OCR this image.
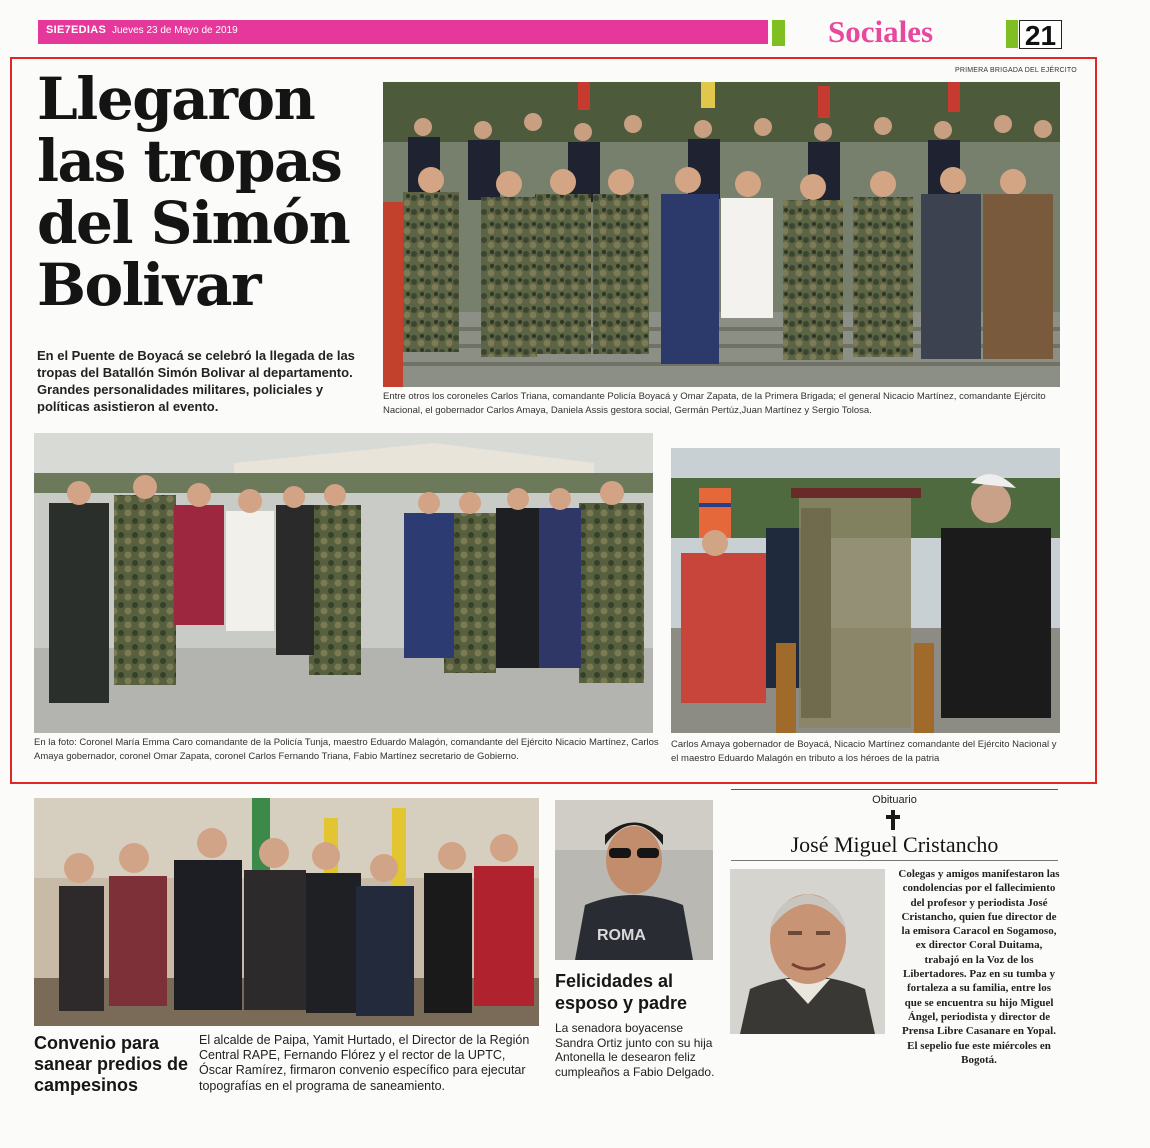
SIE7EDIAS Jueves 23 de Mayo de 2019	Sociales	21
Llegaron
las tropas
del Simón
Bolivar

En el Puente de Boyacá se celebró la llegada de las tropas del Batallón Simón Bolivar al departamento. Grandes personalidades militares, policiales y políticas asistieron al evento.

PRIMERA BRIGADA DEL EJÉRCITO
Entre otros los coroneles Carlos Triana, comandante Policía Boyacá y Omar Zapata, de la Primera Brigada; el general Nicacio Martínez, comandante Ejército Nacional, el gobernador Carlos Amaya, Daniela Assis gestora social, Germán Pertúz,Juan Martínez y Sergio Tolosa.
En la foto: Coronel María Emma Caro comandante de la Policía Tunja, maestro Eduardo Malagón, comandante del Ejército Nicacio Martínez, Carlos Amaya gobernador, coronel Omar Zapata, coronel Carlos Fernando Triana, Fabio Martínez secretario de Gobierno.
Carlos Amaya gobernador de Boyacá, Nicacio Martínez comandante del Ejército Nacional y el maestro Eduardo Malagón en tributo a los héroes de la patria
Convenio para sanear predios de campesinos
El alcalde de Paipa, Yamit Hurtado, el Director de la Región Central RAPE, Fernando Flórez y el rector de la UPTC, Óscar Ramírez, firmaron convenio específico para ejecutar topografías en el programa de saneamiento.
ROMA
Felicidades al esposo y padre
La senadora boyacense Sandra Ortiz junto con su hija Antonella le desearon feliz cumpleaños a Fabio Delgado.
Obituario
José Miguel Cristancho
Colegas y amigos manifestaron las condolencias por el fallecimiento del profesor y periodista José Cristancho, quien fue director de la emisora Caracol en Sogamoso, ex director Coral Duitama, trabajó en la Voz de los Libertadores. Paz en su tumba y fortaleza a su familia, entre los que se encuentra su hijo Miguel Ángel, periodista y director de Prensa Libre Casanare en Yopal. El sepelio fue este miércoles en Bogotá.
